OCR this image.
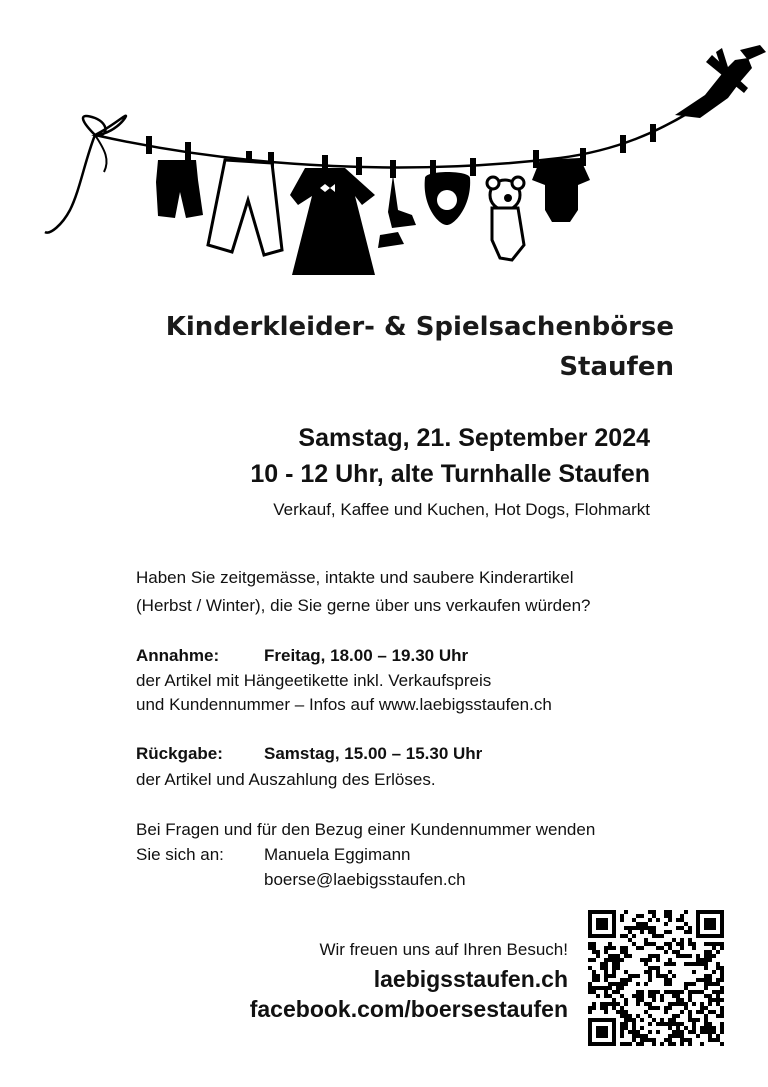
Kinderkleider- & Spielsachenbörse
Staufen
Samstag, 21. September 2024
10 - 12 Uhr, alte Turnhalle Staufen
Verkauf, Kaffee und Kuchen, Hot Dogs, Flohmarkt
Haben Sie zeitgemässe, intakte und saubere Kinderartikel
(Herbst / Winter), die Sie gerne über uns verkaufen würden?
Annahme:	Freitag, 18.00 – 19.30 Uhr
der Artikel mit Hängeetikette inkl. Verkaufspreis
und Kundennummer – Infos auf www.laebigsstaufen.ch
Rückgabe: Samstag, 15.00 – 15.30 Uhr
der Artikel und Auszahlung des Erlöses.
Bei Fragen und für den Bezug einer Kundennummer wenden
Sie sich an: Manuela Eggimann
boerse@laebigsstaufen.ch
Wir freuen uns auf Ihren Besuch!
laebigsstaufen.ch
facebook.com/boersestaufen
